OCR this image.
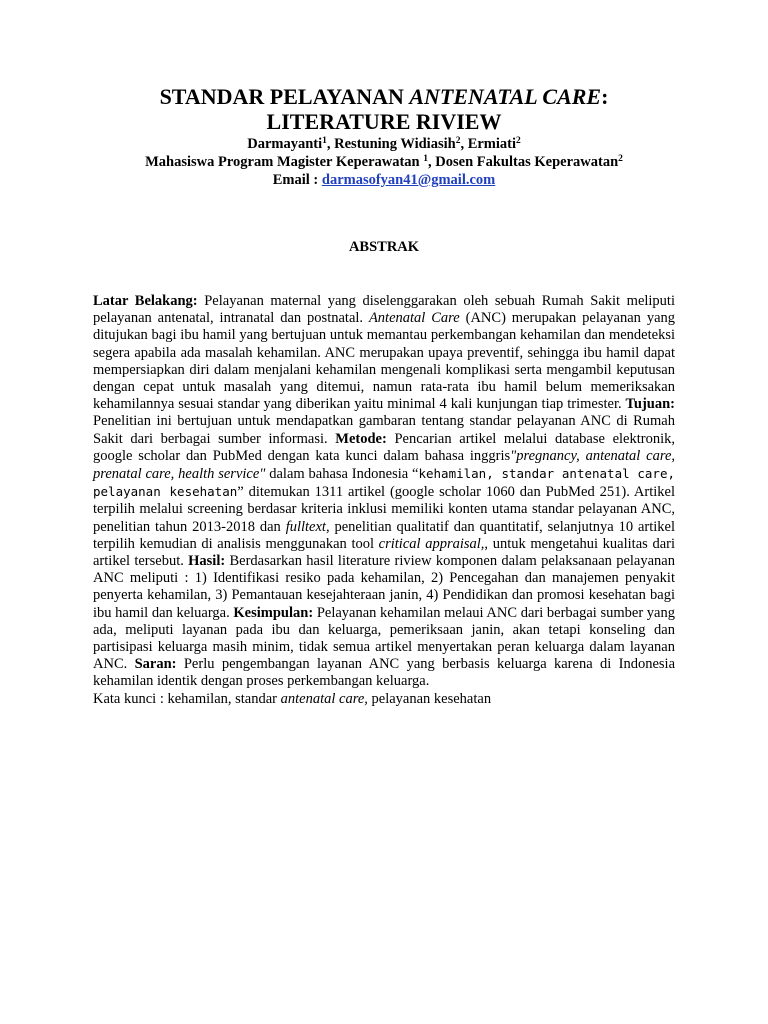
STANDAR PELAYANAN ANTENATAL CARE:
LITERATURE RIVIEW

Darmayanti$^1$, Restuning Widiasih$^2$, Ermiati$^2$

Mahasiswa Program Magister Keperawatan $^1$, Dosen Fakultas Keperawatan$^2$

Email : darmasofyan41@gmail.com

ABSTRAK

Latar Belakang: Pelayanan maternal yang diselenggarakan oleh sebuah Rumah Sakit meliputi pelayanan antenatal, intranatal dan postnatal. Antenatal Care (ANC) merupakan pelayanan yang ditujukan bagi ibu hamil yang bertujuan untuk memantau perkembangan kehamilan dan mendeteksi segera apabila ada masalah kehamilan. ANC merupakan upaya preventif, sehingga ibu hamil dapat mempersiapkan diri dalam menjalani kehamilan mengenali komplikasi serta mengambil keputusan dengan cepat untuk masalah yang ditemui, namun rata-rata ibu hamil belum memeriksakan kehamilannya sesuai standar yang diberikan yaitu minimal 4 kali kunjungan tiap trimester. Tujuan: Penelitian ini bertujuan untuk mendapatkan gambaran tentang standar pelayanan ANC di Rumah Sakit dari berbagai sumber informasi. Metode: Pencarian artikel melalui database elektronik, google scholar dan PubMed dengan kata kunci dalam bahasa inggris"pregnancy, antenatal care, prenatal care, health service" dalam bahasa Indonesia “kehamilan, standar antenatal care, pelayanan kesehatan” ditemukan 1311 artikel (google scholar 1060 dan PubMed 251). Artikel terpilih melalui screening berdasar kriteria inklusi memiliki konten utama standar pelayanan ANC, penelitian tahun 2013-2018 dan fulltext, penelitian qualitatif dan quantitatif, selanjutnya 10 artikel terpilih kemudian di analisis menggunakan tool critical appraisal,, untuk mengetahui kualitas dari artikel tersebut. Hasil: Berdasarkan hasil literature riview komponen dalam pelaksanaan pelayanan ANC meliputi : 1) Identifikasi resiko pada kehamilan, 2) Pencegahan dan manajemen penyakit penyerta kehamilan, 3) Pemantauan kesejahteraan janin, 4) Pendidikan dan promosi kesehatan bagi ibu hamil dan keluarga. Kesimpulan: Pelayanan kehamilan melaui ANC dari berbagai sumber yang ada, meliputi layanan pada ibu dan keluarga, pemeriksaan janin, akan tetapi konseling dan partisipasi keluarga masih minim, tidak semua artikel menyertakan peran keluarga dalam layanan ANC. Saran: Perlu pengembangan layanan ANC yang berbasis keluarga karena di Indonesia kehamilan identik dengan proses perkembangan keluarga.

Kata kunci : kehamilan, standar antenatal care, pelayanan kesehatan
